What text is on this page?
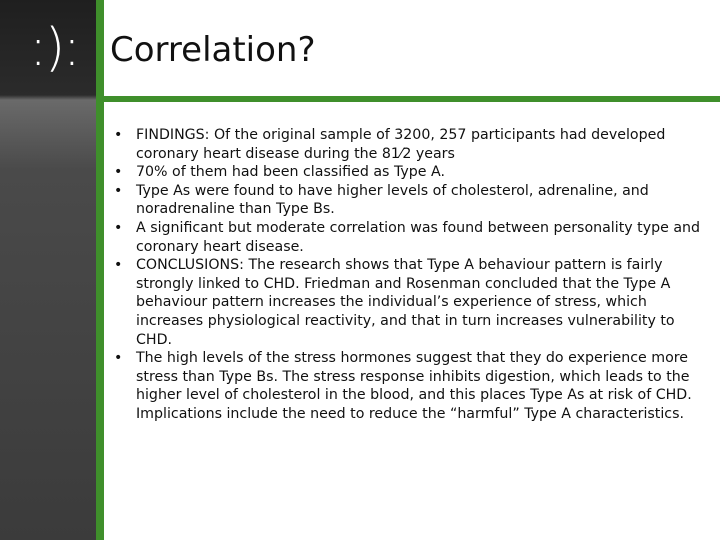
:): Correlation?
• FINDINGS: Of the original sample of 3200, 257 participants had developed coronary heart disease during the 81⁄2 years
• 70% of them had been classified as Type A.
• Type As were found to have higher levels of cholesterol, adrenaline, and noradrenaline than Type Bs.
• A significant but moderate correlation was found between personality type and coronary heart disease.
• CONCLUSIONS: The research shows that Type A behaviour pattern is fairly strongly linked to CHD. Friedman and Rosenman concluded that the Type A behaviour pattern increases the individual’s experience of stress, which increases physiological reactivity, and that in turn increases vulnerability to CHD.
• The high levels of the stress hormones suggest that they do experience more stress than Type Bs. The stress response inhibits digestion, which leads to the higher level of cholesterol in the blood, and this places Type As at risk of CHD. Implications include the need to reduce the “harmful” Type A characteristics.
